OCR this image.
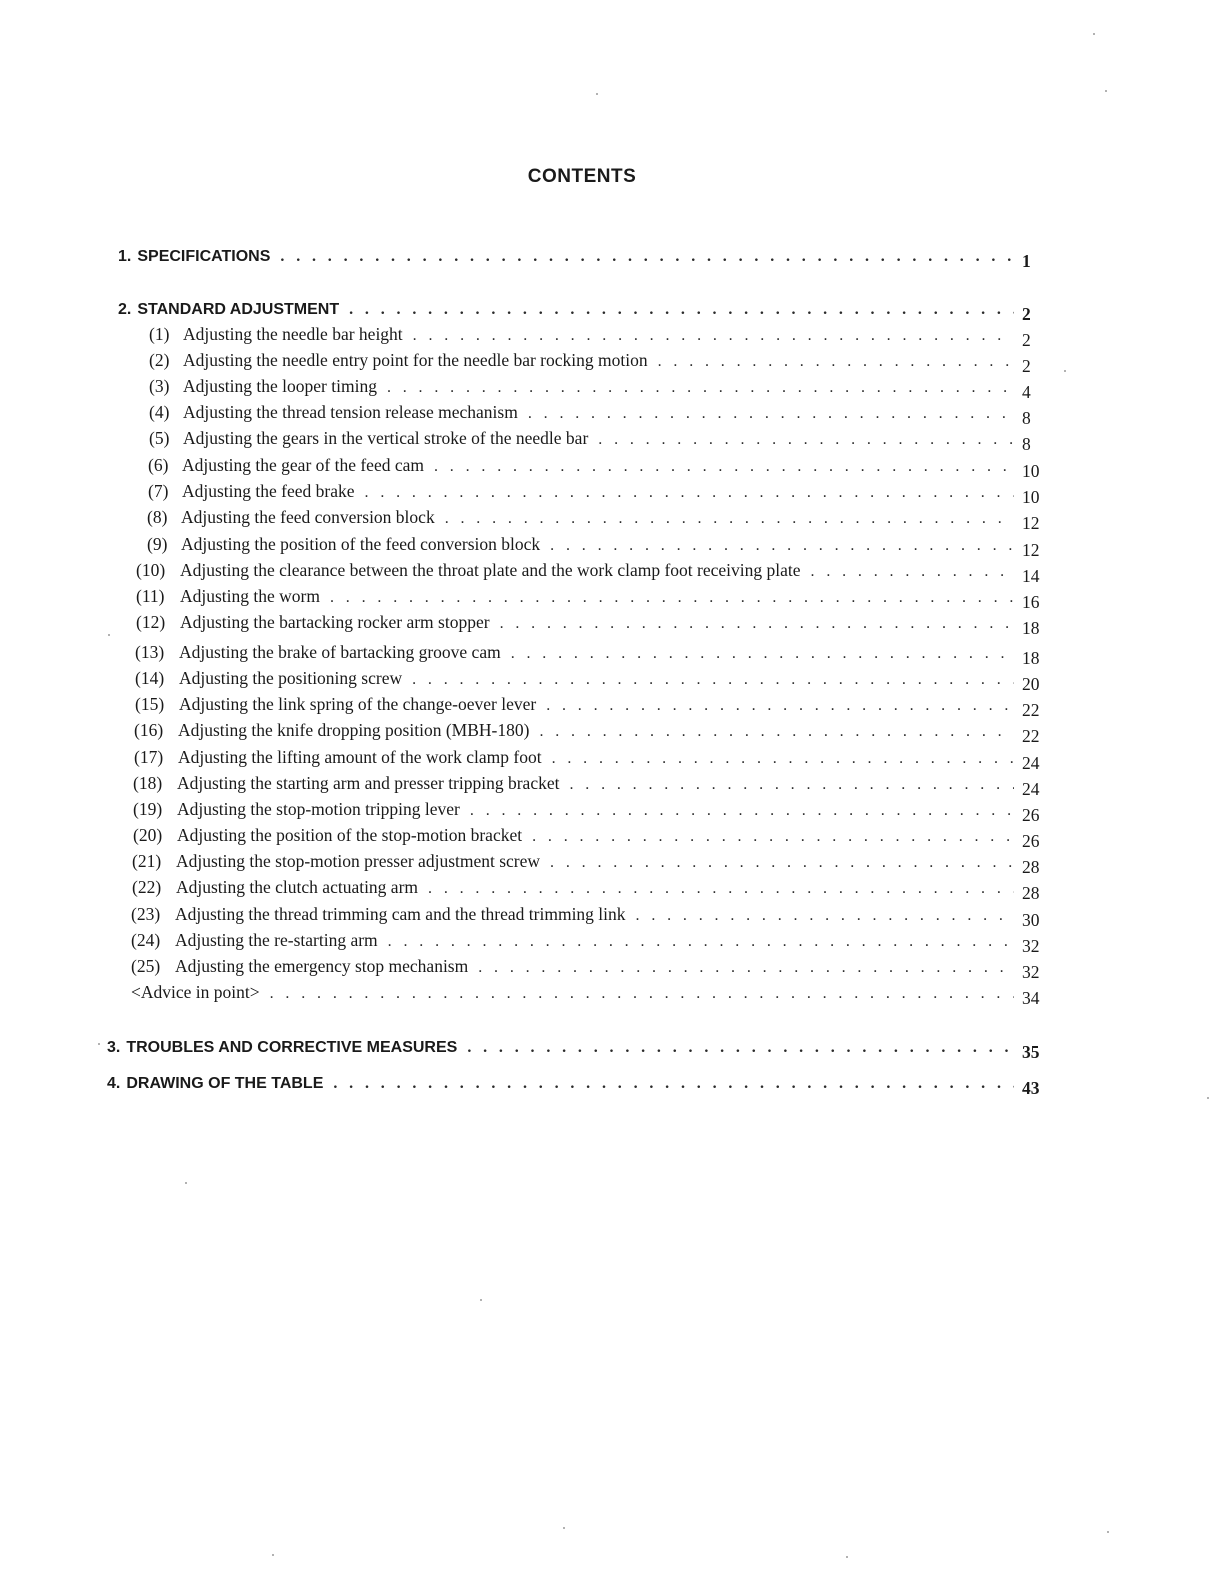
CONTENTS
1. SPECIFICATIONS . . .	1
2. STANDARD ADJUSTMENT . . .	2
(1) Adjusting the needle bar height . . .	2
(2) Adjusting the needle entry point for the needle bar rocking motion . . .	2
(3) Adjusting the looper timing . . .	4
(4) Adjusting the thread tension release mechanism . . .	8
(5) Adjusting the gears in the vertical stroke of the needle bar . . .	8
(6) Adjusting the gear of the feed cam . . .	10
(7) Adjusting the feed brake . . .	10
(8) Adjusting the feed conversion block . . .	12
(9) Adjusting the position of the feed conversion block . . .	12
(10) Adjusting the clearance between the throat plate and the work clamp foot receiving plate . . .	14
(11) Adjusting the worm . . .	16
(12) Adjusting the bartacking rocker arm stopper . . .	18
(13) Adjusting the brake of bartacking groove cam . . .	18
(14) Adjusting the positioning screw . . .	20
(15) Adjusting the link spring of the change-oever lever . . .	22
(16) Adjusting the knife dropping position (MBH-180) . . .	22
(17) Adjusting the lifting amount of the work clamp foot . . .	24
(18) Adjusting the starting arm and presser tripping bracket . . .	24
(19) Adjusting the stop-motion tripping lever . . .	26
(20) Adjusting the position of the stop-motion bracket . . .	26
(21) Adjusting the stop-motion presser adjustment screw . . .	28
(22) Adjusting the clutch actuating arm . . .	28
(23) Adjusting the thread trimming cam and the thread trimming link . . .	30
(24) Adjusting the re-starting arm . . .	32
(25) Adjusting the emergency stop mechanism . . .	32
<Advice in point> . . .	34
3. TROUBLES AND CORRECTIVE MEASURES . . .	35
4. DRAWING OF THE TABLE . . .	43
